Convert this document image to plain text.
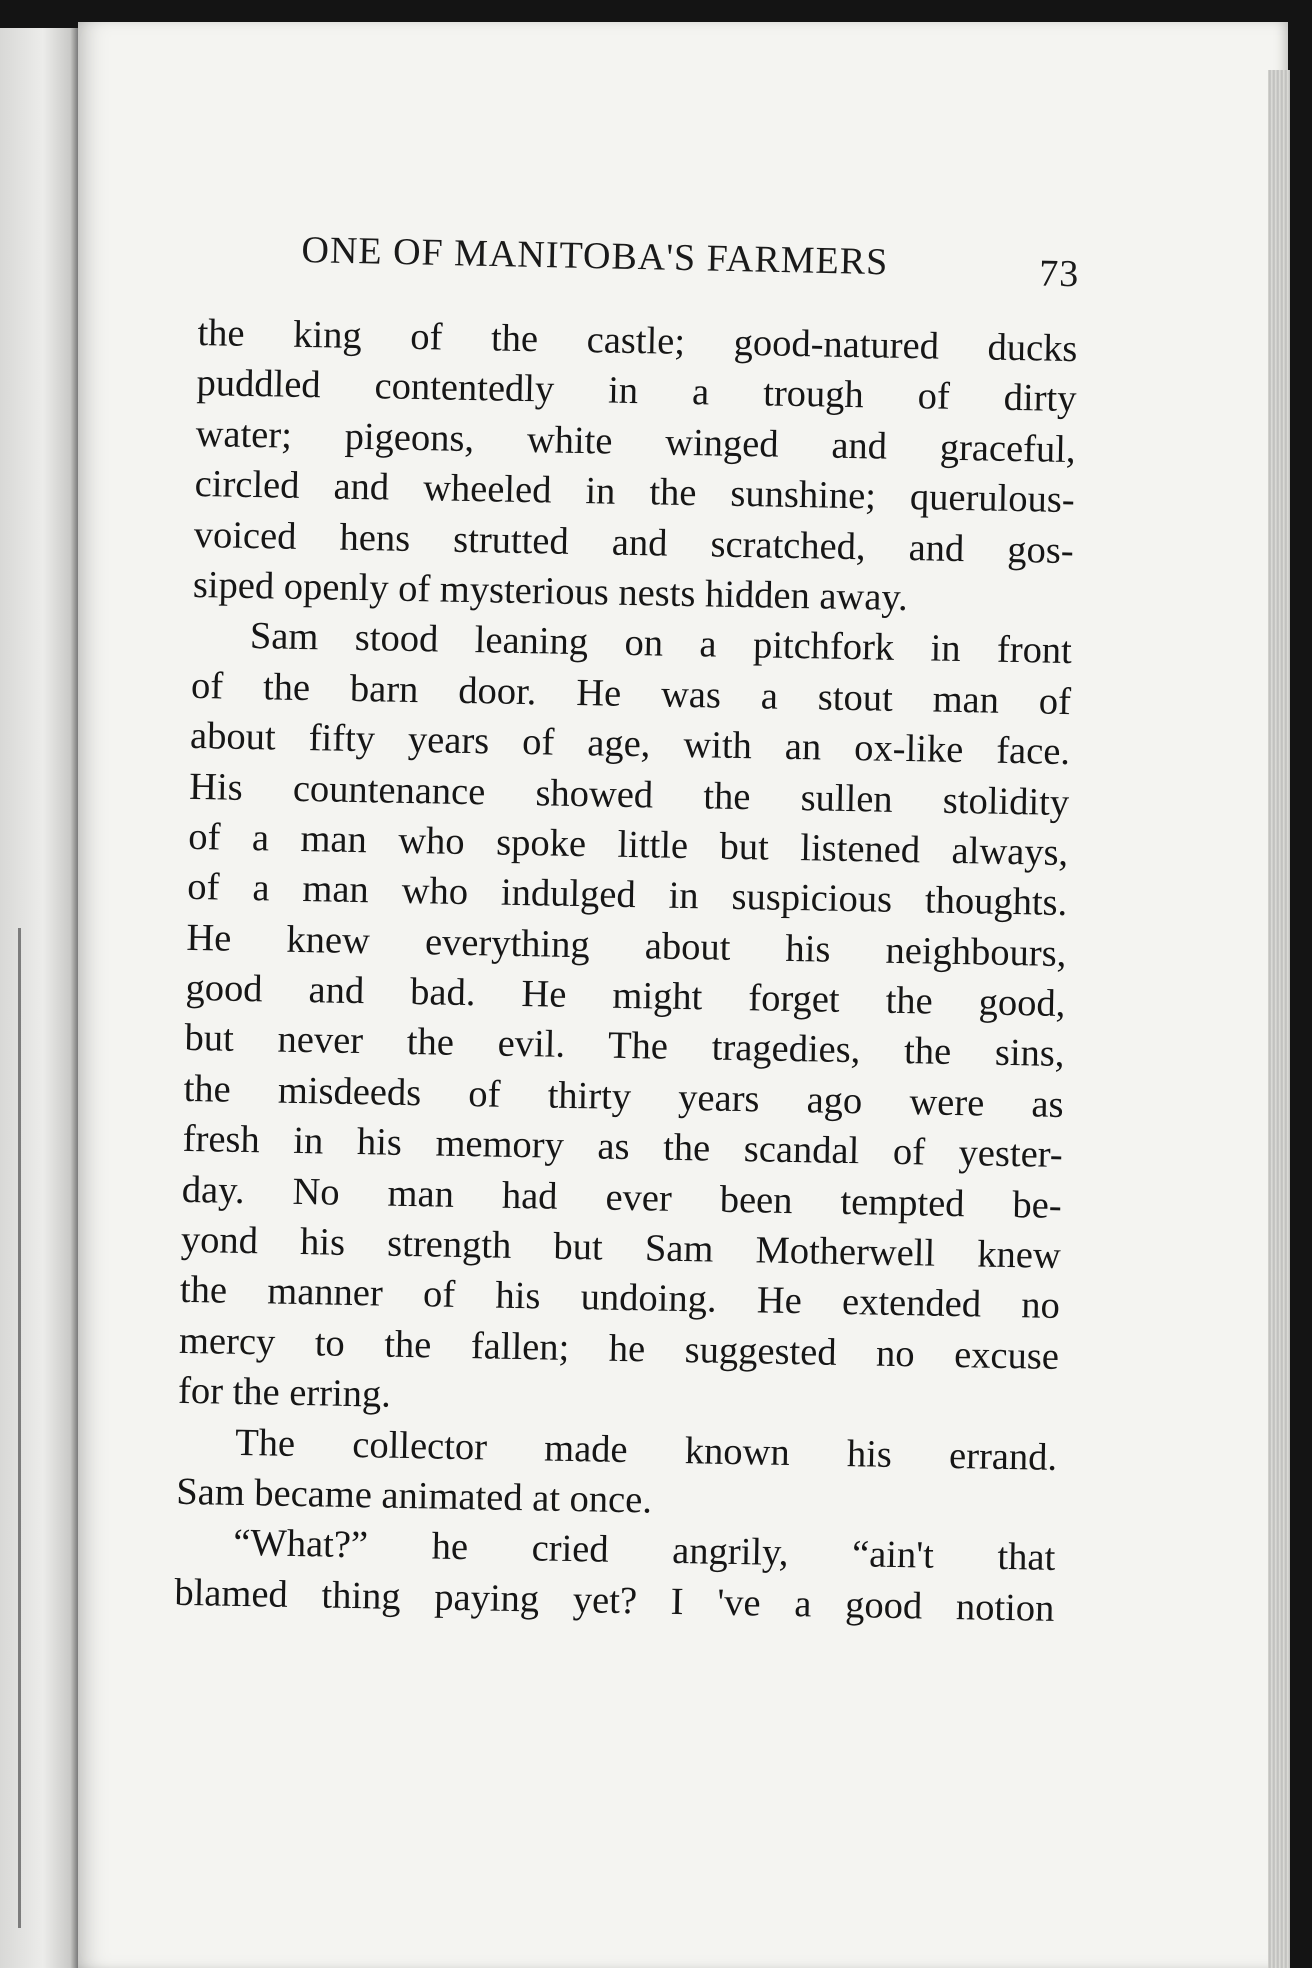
ONE OF MANITOBA'S FARMERS	73
the king of the castle; good-natured ducks
puddled contentedly in a trough of dirty
water; pigeons, white winged and graceful,
circled and wheeled in the sunshine; querulous-
voiced hens strutted and scratched, and gos-
siped openly of mysterious nests hidden away.
Sam stood leaning on a pitchfork in front
of the barn door. He was a stout man of
about fifty years of age, with an ox-like face.
His countenance showed the sullen stolidity
of a man who spoke little but listened always,
of a man who indulged in suspicious thoughts.
He knew everything about his neighbours,
good and bad. He might forget the good,
but never the evil. The tragedies, the sins,
the misdeeds of thirty years ago were as
fresh in his memory as the scandal of yester-
day. No man had ever been tempted be-
yond his strength but Sam Motherwell knew
the manner of his undoing. He extended no
mercy to the fallen; he suggested no excuse
for the erring.
The collector made known his errand.
Sam became animated at once.
“What?” he cried angrily, “ain't that
blamed thing paying yet? I 've a good notion
